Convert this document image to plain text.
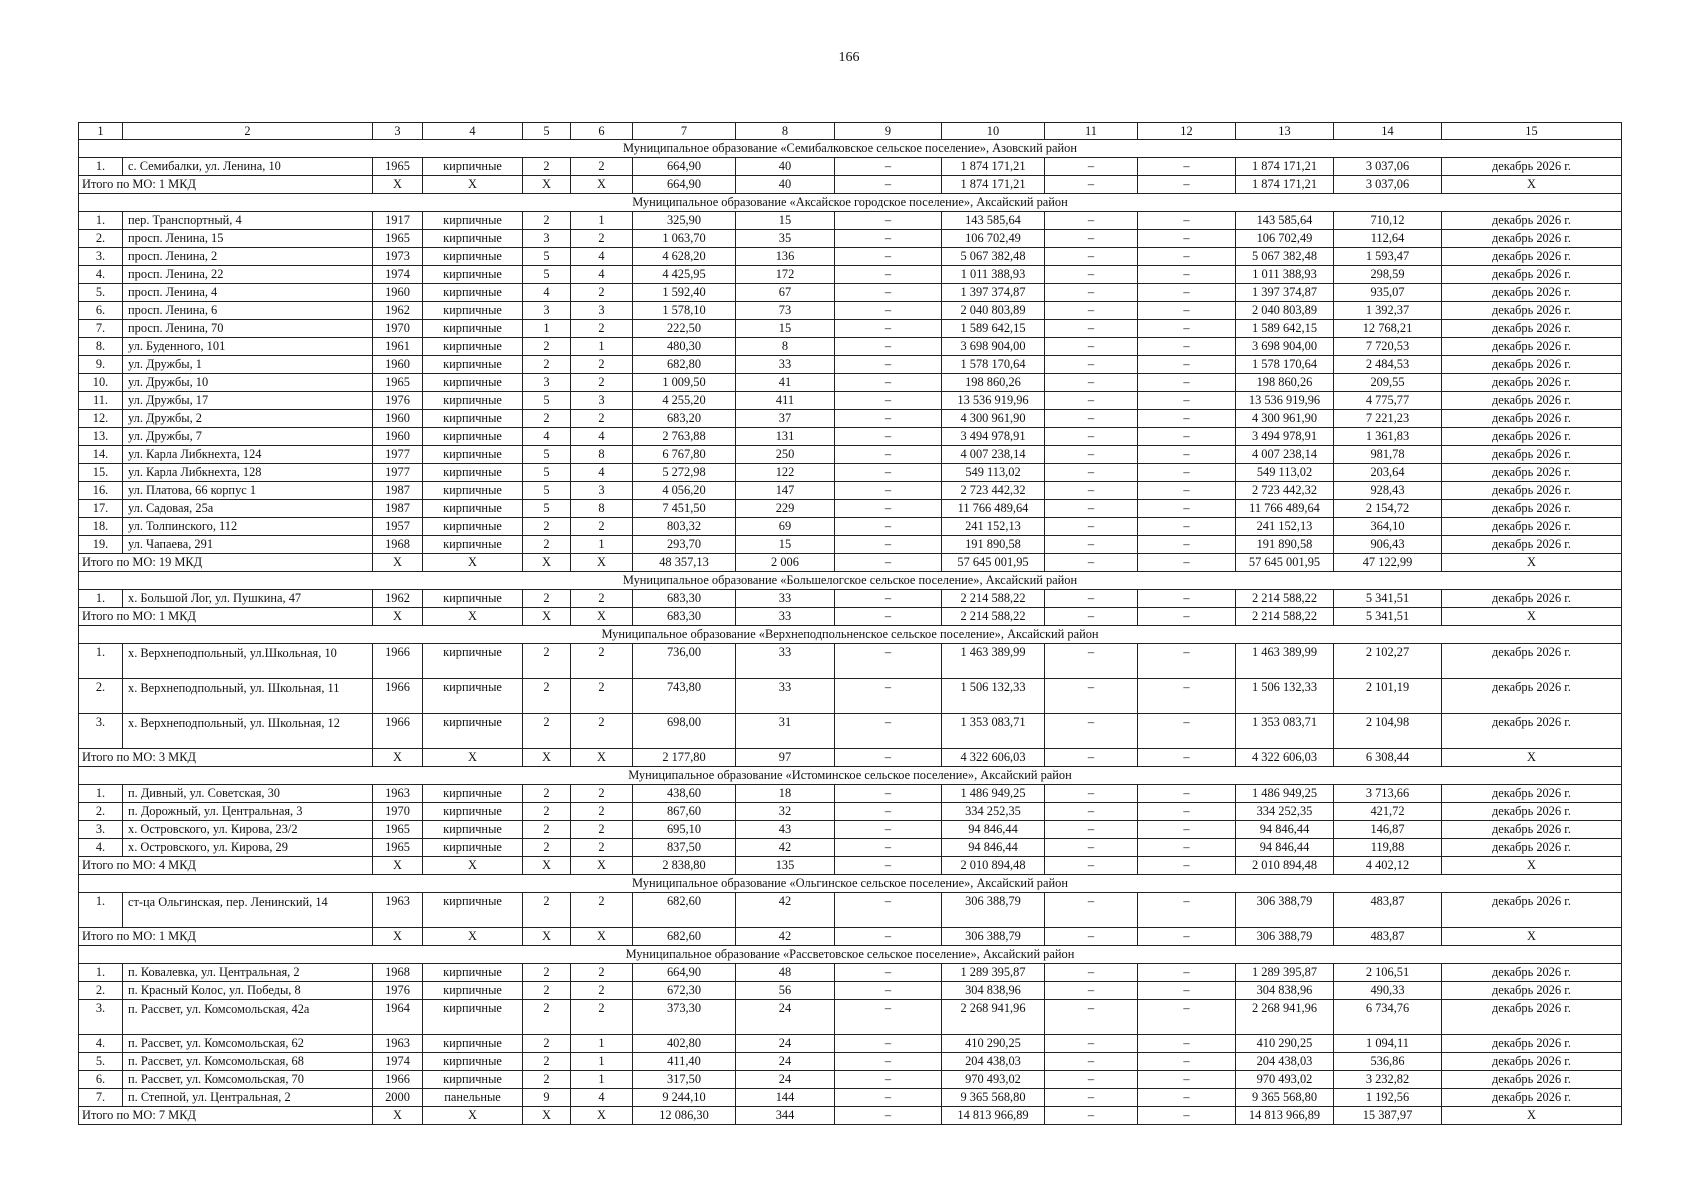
166
1	2	3	4	5	6	7	8	9	10	11	12	13	14	15
Муниципальное образование «Семибалковское сельское поселение», Азовский район														
1.	с. Семибалки, ул. Ленина, 10	1965	кирпичные	2	2	664,90	40	–	1 874 171,21	–	–	1 874 171,21	3 037,06	декабрь 2026 г.
Итого по МО: 1 МКД		Х	Х	Х	Х	664,90	40	–	1 874 171,21	–	–	1 874 171,21	3 037,06	Х
Муниципальное образование «Аксайское городское поселение», Аксайский район														
1.	пер. Транспортный, 4	1917	кирпичные	2	1	325,90	15	–	143 585,64	–	–	143 585,64	710,12	декабрь 2026 г.
2.	просп. Ленина, 15	1965	кирпичные	3	2	1 063,70	35	–	106 702,49	–	–	106 702,49	112,64	декабрь 2026 г.
3.	просп. Ленина, 2	1973	кирпичные	5	4	4 628,20	136	–	5 067 382,48	–	–	5 067 382,48	1 593,47	декабрь 2026 г.
4.	просп. Ленина, 22	1974	кирпичные	5	4	4 425,95	172	–	1 011 388,93	–	–	1 011 388,93	298,59	декабрь 2026 г.
5.	просп. Ленина, 4	1960	кирпичные	4	2	1 592,40	67	–	1 397 374,87	–	–	1 397 374,87	935,07	декабрь 2026 г.
6.	просп. Ленина, 6	1962	кирпичные	3	3	1 578,10	73	–	2 040 803,89	–	–	2 040 803,89	1 392,37	декабрь 2026 г.
7.	просп. Ленина, 70	1970	кирпичные	1	2	222,50	15	–	1 589 642,15	–	–	1 589 642,15	12 768,21	декабрь 2026 г.
8.	ул. Буденного, 101	1961	кирпичные	2	1	480,30	8	–	3 698 904,00	–	–	3 698 904,00	7 720,53	декабрь 2026 г.
9.	ул. Дружбы, 1	1960	кирпичные	2	2	682,80	33	–	1 578 170,64	–	–	1 578 170,64	2 484,53	декабрь 2026 г.
10.	ул. Дружбы, 10	1965	кирпичные	3	2	1 009,50	41	–	198 860,26	–	–	198 860,26	209,55	декабрь 2026 г.
11.	ул. Дружбы, 17	1976	кирпичные	5	3	4 255,20	411	–	13 536 919,96	–	–	13 536 919,96	4 775,77	декабрь 2026 г.
12.	ул. Дружбы, 2	1960	кирпичные	2	2	683,20	37	–	4 300 961,90	–	–	4 300 961,90	7 221,23	декабрь 2026 г.
13.	ул. Дружбы, 7	1960	кирпичные	4	4	2 763,88	131	–	3 494 978,91	–	–	3 494 978,91	1 361,83	декабрь 2026 г.
14.	ул. Карла Либкнехта, 124	1977	кирпичные	5	8	6 767,80	250	–	4 007 238,14	–	–	4 007 238,14	981,78	декабрь 2026 г.
15.	ул. Карла Либкнехта, 128	1977	кирпичные	5	4	5 272,98	122	–	549 113,02	–	–	549 113,02	203,64	декабрь 2026 г.
16.	ул. Платова, 66 корпус 1	1987	кирпичные	5	3	4 056,20	147	–	2 723 442,32	–	–	2 723 442,32	928,43	декабрь 2026 г.
17.	ул. Садовая, 25а	1987	кирпичные	5	8	7 451,50	229	–	11 766 489,64	–	–	11 766 489,64	2 154,72	декабрь 2026 г.
18.	ул. Толпинского, 112	1957	кирпичные	2	2	803,32	69	–	241 152,13	–	–	241 152,13	364,10	декабрь 2026 г.
19.	ул. Чапаева, 291	1968	кирпичные	2	1	293,70	15	–	191 890,58	–	–	191 890,58	906,43	декабрь 2026 г.
Итого по МО: 19 МКД		Х	Х	Х	Х	48 357,13	2 006	–	57 645 001,95	–	–	57 645 001,95	47 122,99	Х
Муниципальное образование «Большелогское сельское поселение», Аксайский район														
1.	х. Большой Лог, ул. Пушкина, 47	1962	кирпичные	2	2	683,30	33	–	2 214 588,22	–	–	2 214 588,22	5 341,51	декабрь 2026 г.
Итого по МО: 1 МКД		Х	Х	Х	Х	683,30	33	–	2 214 588,22	–	–	2 214 588,22	5 341,51	Х
Муниципальное образование «Верхнеподпольненское сельское поселение», Аксайский район														
1.	х. Верхнеподпольный, ул.Школьная, 10	1966	кирпичные	2	2	736,00	33	–	1 463 389,99	–	–	1 463 389,99	2 102,27	декабрь 2026 г.
2.	х. Верхнеподпольный, ул. Школьная, 11	1966	кирпичные	2	2	743,80	33	–	1 506 132,33	–	–	1 506 132,33	2 101,19	декабрь 2026 г.
3.	х. Верхнеподпольный, ул. Школьная, 12	1966	кирпичные	2	2	698,00	31	–	1 353 083,71	–	–	1 353 083,71	2 104,98	декабрь 2026 г.
Итого по МО: 3 МКД		Х	Х	Х	Х	2 177,80	97	–	4 322 606,03	–	–	4 322 606,03	6 308,44	Х
Муниципальное образование «Истоминское сельское поселение», Аксайский район														
1.	п. Дивный, ул. Советская, 30	1963	кирпичные	2	2	438,60	18	–	1 486 949,25	–	–	1 486 949,25	3 713,66	декабрь 2026 г.
2.	п. Дорожный, ул. Центральная, 3	1970	кирпичные	2	2	867,60	32	–	334 252,35	–	–	334 252,35	421,72	декабрь 2026 г.
3.	х. Островского, ул. Кирова, 23/2	1965	кирпичные	2	2	695,10	43	–	94 846,44	–	–	94 846,44	146,87	декабрь 2026 г.
4.	х. Островского, ул. Кирова, 29	1965	кирпичные	2	2	837,50	42	–	94 846,44	–	–	94 846,44	119,88	декабрь 2026 г.
Итого по МО: 4 МКД		Х	Х	Х	Х	2 838,80	135	–	2 010 894,48	–	–	2 010 894,48	4 402,12	Х
Муниципальное образование «Ольгинское сельское поселение», Аксайский район														
1.	ст-ца Ольгинская, пер. Ленинский, 14	1963	кирпичные	2	2	682,60	42	–	306 388,79	–	–	306 388,79	483,87	декабрь 2026 г.
Итого по МО: 1 МКД		Х	Х	Х	Х	682,60	42	–	306 388,79	–	–	306 388,79	483,87	Х
Муниципальное образование «Рассветовское сельское поселение», Аксайский район														
1.	п. Ковалевка, ул. Центральная, 2	1968	кирпичные	2	2	664,90	48	–	1 289 395,87	–	–	1 289 395,87	2 106,51	декабрь 2026 г.
2.	п. Красный Колос, ул. Победы, 8	1976	кирпичные	2	2	672,30	56	–	304 838,96	–	–	304 838,96	490,33	декабрь 2026 г.
3.	п. Рассвет, ул. Комсомольская, 42а	1964	кирпичные	2	2	373,30	24	–	2 268 941,96	–	–	2 268 941,96	6 734,76	декабрь 2026 г.
4.	п. Рассвет, ул. Комсомольская, 62	1963	кирпичные	2	1	402,80	24	–	410 290,25	–	–	410 290,25	1 094,11	декабрь 2026 г.
5.	п. Рассвет, ул. Комсомольская, 68	1974	кирпичные	2	1	411,40	24	–	204 438,03	–	–	204 438,03	536,86	декабрь 2026 г.
6.	п. Рассвет, ул. Комсомольская, 70	1966	кирпичные	2	1	317,50	24	–	970 493,02	–	–	970 493,02	3 232,82	декабрь 2026 г.
7.	п. Степной, ул. Центральная, 2	2000	панельные	9	4	9 244,10	144	–	9 365 568,80	–	–	9 365 568,80	1 192,56	декабрь 2026 г.
Итого по МО: 7 МКД		Х	Х	Х	Х	12 086,30	344	–	14 813 966,89	–	–	14 813 966,89	15 387,97	Х
